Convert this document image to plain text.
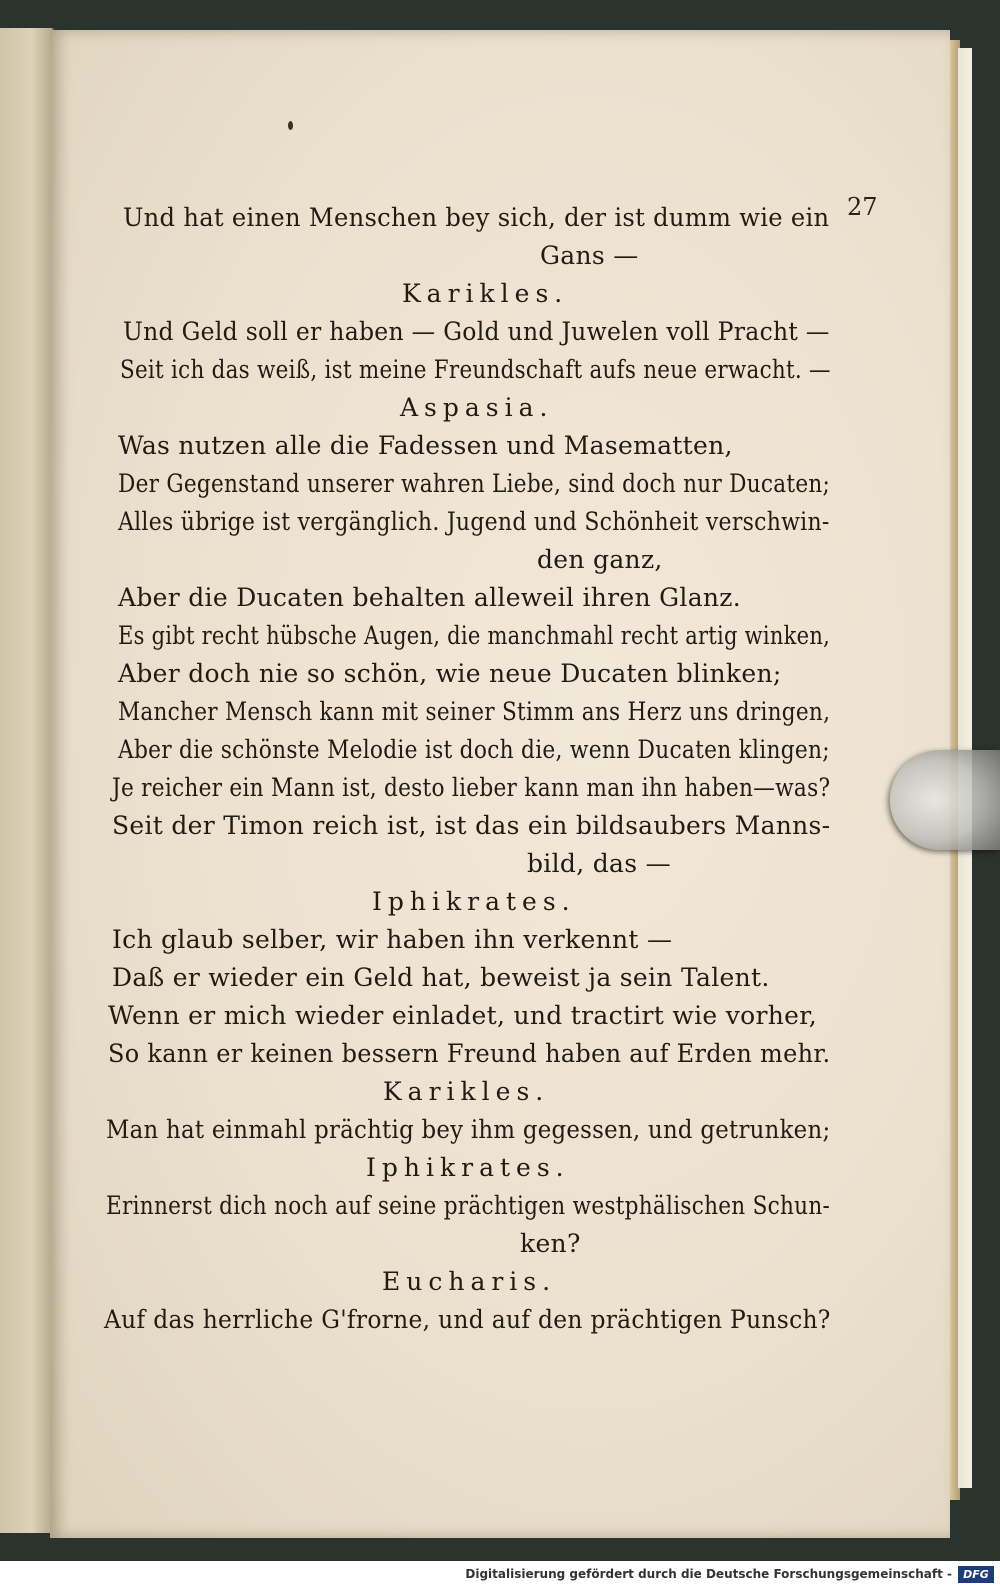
27
Und hat einen Menschen bey sich, der ist dumm wie ein
Gans —
Karikles.
Und Geld soll er haben — Gold und Juwelen voll Pracht —
Seit ich das weiß, ist meine Freundschaft aufs neue erwacht. —
Aspasia.
Was nutzen alle die Fadessen und Masematten,
Der Gegenstand unserer wahren Liebe, sind doch nur Ducaten;
Alles übrige ist vergänglich. Jugend und Schönheit verschwin-
den ganz,
Aber die Ducaten behalten alleweil ihren Glanz.
Es gibt recht hübsche Augen, die manchmahl recht artig winken,
Aber doch nie so schön, wie neue Ducaten blinken;
Mancher Mensch kann mit seiner Stimm ans Herz uns dringen,
Aber die schönste Melodie ist doch die, wenn Ducaten klingen;
Je reicher ein Mann ist, desto lieber kann man ihn haben—was?
Seit der Timon reich ist, ist das ein bildsaubers Manns-
bild, das —
Iphikrates.
Ich glaub selber, wir haben ihn verkennt —
Daß er wieder ein Geld hat, beweist ja sein Talent.
Wenn er mich wieder einladet, und tractirt wie vorher,
So kann er keinen bessern Freund haben auf Erden mehr.
Karikles.
Man hat einmahl prächtig bey ihm gegessen, und getrunken;
Iphikrates.
Erinnerst dich noch auf seine prächtigen westphälischen Schun-
ken?
Eucharis.
Auf das herrliche G'frorne, und auf den prächtigen Punsch?
Digitalisierung gefördert durch die Deutsche Forschungsgemeinschaft -	DFG
